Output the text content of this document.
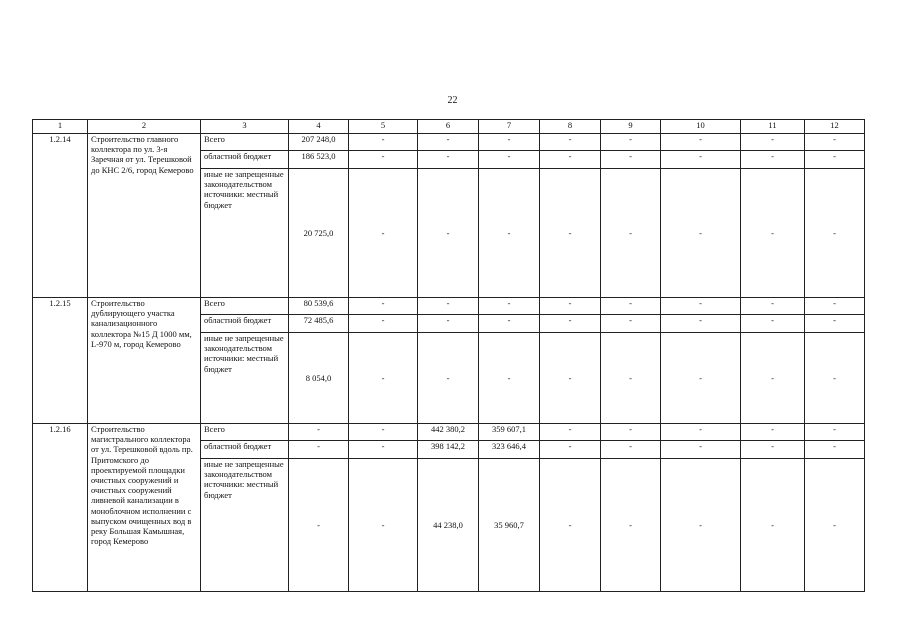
22
1	2	3	4	5	6	7	8	9	10	11	12
1.2.14	Строительство главного коллектора по ул. 3-я Заречная от ул. Терешковой до КНС 2/6, город Кемерово	Всего	207 248,0	-	-	-	-	-	-	-	-
		областной бюджет	186 523,0	-	-	-	-	-	-	-	-
		иные не запрещенные законодательством источники: местный бюджет	20 725,0	-	-	-	-	-	-	-	-
1.2.15	Строительство дублирующего участка канализационного коллектора №15 Д 1000 мм, L-970 м, город Кемерово	Всего	80 539,6	-	-	-	-	-	-	-	-
		областной бюджет	72 485,6	-	-	-	-	-	-	-	-
		иные не запрещенные законодательством источники: местный бюджет	8 054,0	-	-	-	-	-	-	-	-
1.2.16	Строительство магистрального коллектора от ул. Терешковой вдоль пр. Притомского до проектируемой площадки очистных сооружений и очистных сооружений ливневой канализации в моноблочном исполнении с выпуском очищенных вод в реку Большая Камышная, город Кемерово	Всего	-	-	442 380,2	359 607,1	-	-	-	-	-
		областной бюджет	-	-	398 142,2	323 646,4	-	-	-	-	-
		иные не запрещенные законодательством источники: местный бюджет	-	-	44 238,0	35 960,7	-	-	-	-	-
